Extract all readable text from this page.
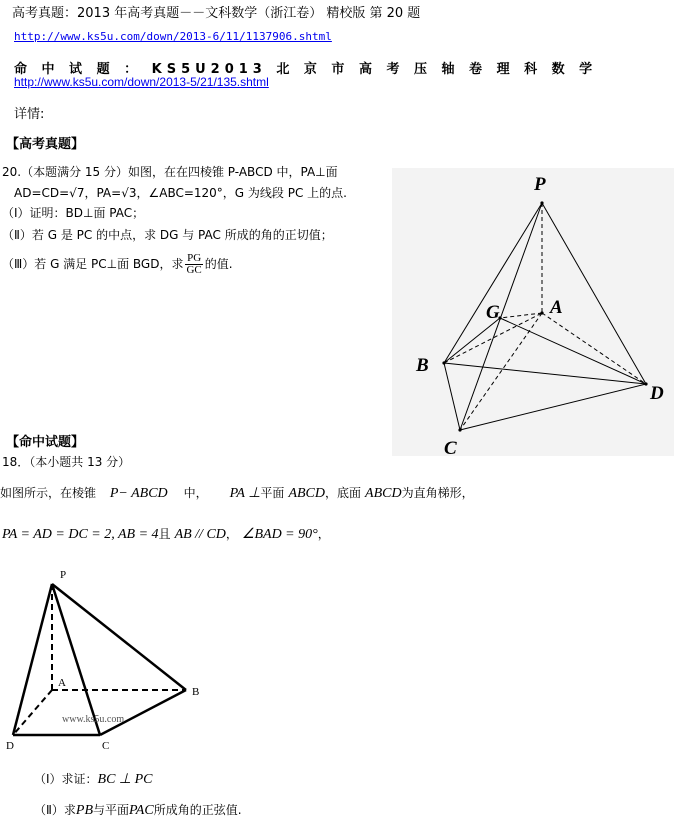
高考真题：2013 年高考真题－－文科数学（浙江卷） 精校版 第 20 题
http://www.ks5u.com/down/2013-6/11/1137906.shtml
命 中 试 题 ： KS5U2013 北 京 市 高 考 压 轴 卷 理 科 数 学
http://www.ks5u.com/down/2013-5/21/135.shtml
详情:
【高考真题】
20.（本题满分 15 分）如图，在在四棱锥 P-ABCD 中，PA⊥面
AD=CD=√7，PA=√3，∠ABC=120°，G 为线段 PC 上的点.
（Ⅰ）证明：BD⊥面 PAC；
（Ⅱ）若 G 是 PC 的中点，求 DG 与 PAC 所成的角的正切值；
（Ⅲ）若 G 满足 PC⊥面 BGD，求 $\frac{PG}{GC}$ 的值.
P
A
G
B
C
D
【命中试题】
18．（本小题共 13 分）
如图所示，在棱锥 P− ABCD 中， PA ⊥平面 ABCD，底面 ABCD为直角梯形，
PA = AD = DC = 2, AB = 4且 AB // CD， ∠BAD = 90°，
P
A
B
C
D
www.ks5u.com
（Ⅰ）求证：BC ⊥ PC
（Ⅱ）求PB与平面PAC所成角的正弦值.
